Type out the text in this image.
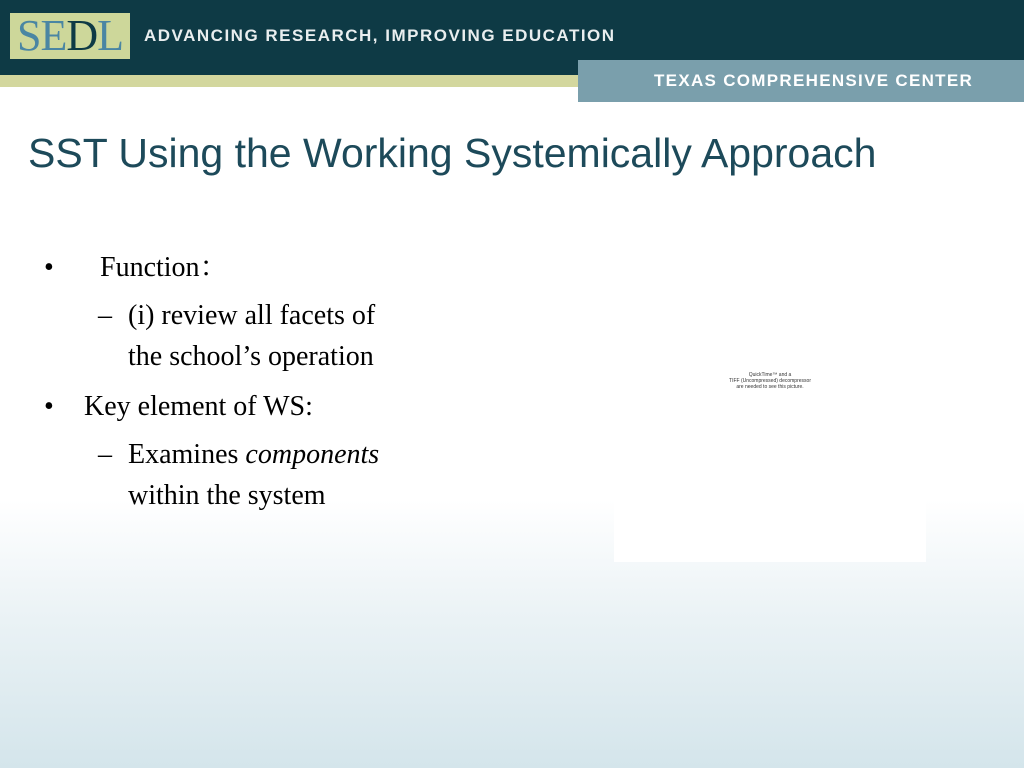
SE D L ADVANCING RESEARCH, IMPROVING EDUCATION
TEXAS COMPREHENSIVE CENTER
SST Using the Working Systemically Approach
• Function：
– (i) review all facets of
the school’s operation
• Key element of WS:
– Examines components
within the system
QuickTime™ and a
TIFF (Uncompressed) decompressor
are needed to see this picture.
